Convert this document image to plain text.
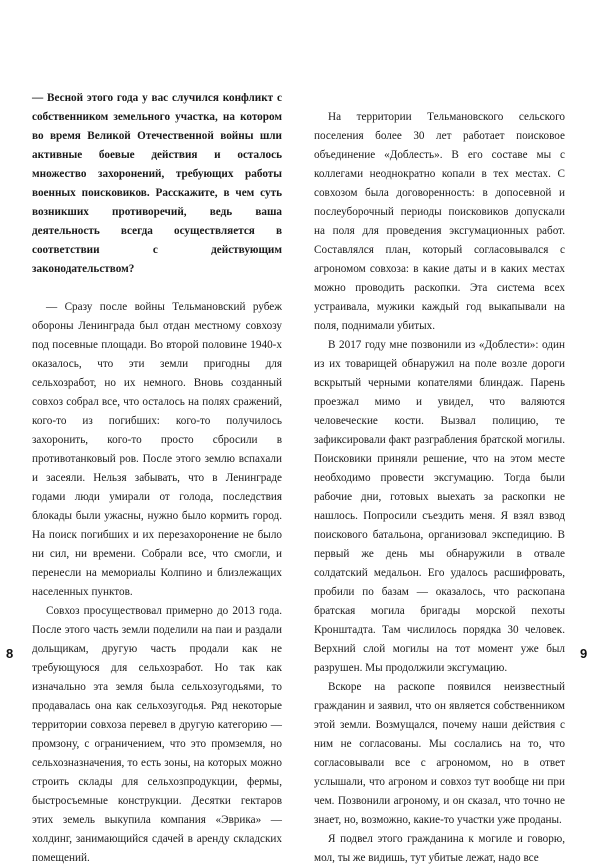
— Весной этого года у вас случился конфликт с собственником земельного участка, на котором во время Великой Отечественной войны шли активные боевые действия и осталось множество захоронений, требующих работы военных поисковиков. Расскажите, в чем суть возникших противоречий, ведь ваша деятельность всегда осуществляется в соответствии с действующим законодательством?

— Сразу после войны Тельмановский рубеж обороны Ленинграда был отдан местному совхозу под посевные площади. Во второй половине 1940-х оказалось, что эти земли пригодны для сельхозработ, но их немного. Вновь созданный совхоз собрал все, что осталось на полях сражений, кого-то из погибших: кого-то получилось захоронить, кого-то просто сбросили в противотанковый ров. После этого землю вспахали и засеяли. Нельзя забывать, что в Ленинграде годами люди умирали от голода, последствия блокады были ужасны, нужно было кормить город. На поиск погибших и их перезахоронение не было ни сил, ни времени. Собрали все, что смогли, и перенесли на мемориалы Колпино и близлежащих населенных пунктов.

Совхоз просуществовал примерно до 2013 года. После этого часть земли поделили на паи и раздали дольщикам, другую часть продали как не требующуюся для сельхозработ. Но так как изначально эта земля была сельхозугодьями, то продавалась она как сельхозугодья. Ряд некоторые территории совхоза перевел в другую категорию — промзону, с ограничением, что это промземля, но сельхозназначения, то есть зоны, на которых можно строить склады для сельхозпродукции, фермы, быстросъемные конструкции. Десятки гектаров этих земель выкупила компания «Эврика» — холдинг, занимающийся сдачей в аренду складских помещений.

На территории Тельмановского сельского поселения более 30 лет работает поисковое объединение «Доблесть». В его составе мы с коллегами неоднократно копали в тех местах. С совхозом была договоренность: в допосевной и послеуборочный периоды поисковиков допускали на поля для проведения эксгумационных работ. Составлялся план, который согласовывался с агрономом совхоза: в какие даты и в каких местах можно проводить раскопки. Эта система всех устраивала, мужики каждый год выкапывали на поля, поднимали убитых.

В 2017 году мне позвонили из «Доблести»: один из их товарищей обнаружил на поле возле дороги вскрытый черными копателями блиндаж. Парень проезжал мимо и увидел, что валяются человеческие кости. Вызвал полицию, те зафиксировали факт разграбления братской могилы. Поисковики приняли решение, что на этом месте необходимо провести эксгумацию. Тогда были рабочие дни, готовых выехать за раскопки не нашлось. Попросили съездить меня. Я взял взвод поискового батальона, организовал экспедицию. В первый же день мы обнаружили в отвале солдатский медальон. Его удалось расшифровать, пробили по базам — оказалось, что раскопана братская могила бригады морской пехоты Кронштадта. Там числилось порядка 30 человек. Верхний слой могилы на тот момент уже был разрушен. Мы продолжили эксгумацию.

Вскоре на раскопе появился неизвестный гражданин и заявил, что он является собственником этой земли. Возмущался, почему наши действия с ним не согласованы. Мы сослались на то, что согласовывали все с агрономом, но в ответ услышали, что агроном и совхоз тут вообще ни при чем. Позвонили агроному, и он сказал, что точно не знает, но, возможно, какие-то участки уже проданы.

Я подвел этого гражданина к могиле и говорю, мол, ты же видишь, тут убитые лежат, надо все

8	9
